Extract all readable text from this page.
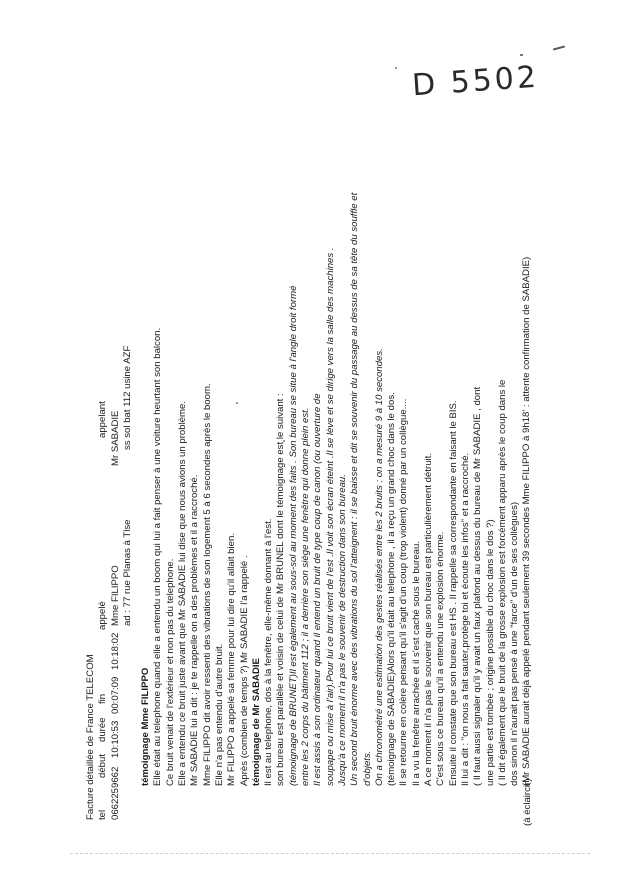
D 5502
Facture détaillée de France TELECOM teldébutduréefinappeléappelant
066225966210:10:5300:07:0910:18:02Mme FILIPPOMr SABADIE
ad : 77 rue Planas à Tlsess sol bat 112 usine AZF
témoignage Mme FILIPPO Elle était au telephone quand elle a entendu un boom qui lui a fait penser à une voiture heurtant son balcon. Ce bruit venait de l'extérieur et non pas du telephone. Elle a entendu ce bruit juste avant que Mr SABADIE lui dise que nous avions un problème. Mr SABADIE lui a dit : je te rappelle on a des problèmes et il a raccroché. Mme FILIPPO dit avoir ressenti des vibrations de son logement 5 à 6 secondes après le boom. Elle n'a pas entendu d'autre bruit. Mr FILIPPO a appelé sa femme pour lui dire qu'il allait bien. Après (combien de temps ?) Mr SABADIE l'a rappelé . témoignage de Mr SABADIE Il est au telephone, dos à la fenêtre, elle-même donnant à l'est. son bureau est parallèle et voisin de celui de Mr BRUNEL dont le témoignage est le suivant : (témoignage de BRUNET)Il est également au sous-sol au moment des faits . Son bureau se situe à l'angle droit formé entre les 2 corps du bâtiment 112 ; il a derrière son siège une fenêtre qui donne plein est. Il est assis à son ordinateur quand il entend un bruit de type coup de canon (ou ouverture de soupape ou mise à l'air).Pour lui ce bruit vient de l'est .Il voit son écran éteint .Il se lève et se dirige vers la salle des machines . Jusqu'à ce moment il n'a pas le souvenir de destruction dans son bureau. Un second bruit énorme avec des vibrations du sol l'atteignent : il se baisse et dit se souvenir du passage au dessus de sa tête du souffle et d'objets. On a chronométré une estimation des gestes réalisés entre les 2 bruits : on a mesuré 9 à 10 secondes. (témoignage de SABADIE)Alors qu'il était au telephone , il a reçu un grand choc dans le dos. Il se retourne en colère pensant qu'il s'agit d'un coup (trop violent) donné par un collègue.... Il a vu la fenêtre arrachée et il s'est caché sous le bureau. A ce moment il n'a pas le souvenir que son bureau est particulièrement détruit. C'est sous ce bureau qu'il a entendu une explosion énorme. Ensuite il constate que son bureau est HS . Il rappelle sa correspondante en faisant le BIS. Il lui a dit : "on nous a fait sauter,protège toi et écoute les infos" et a raccroché. ( Il faut aussi signaler qu'il y avait un faux plafond au dessus du bureau de Mr SABADIE , dont une partie est tombée ; origine possible du choc dans le dos ?) ( Il dit également que le bruit de la grosse explosion est forcément apparu après le coup dans le dos sinon il n'aurait pas pensé à une "farce" d'un de ses collègues) (Mr SABADIE aurait déjà appelé pendant seulement 39 secondes Mme FILIPPO à 9h18' : attente confirmation de SABADIE)
(à éclaircir)
